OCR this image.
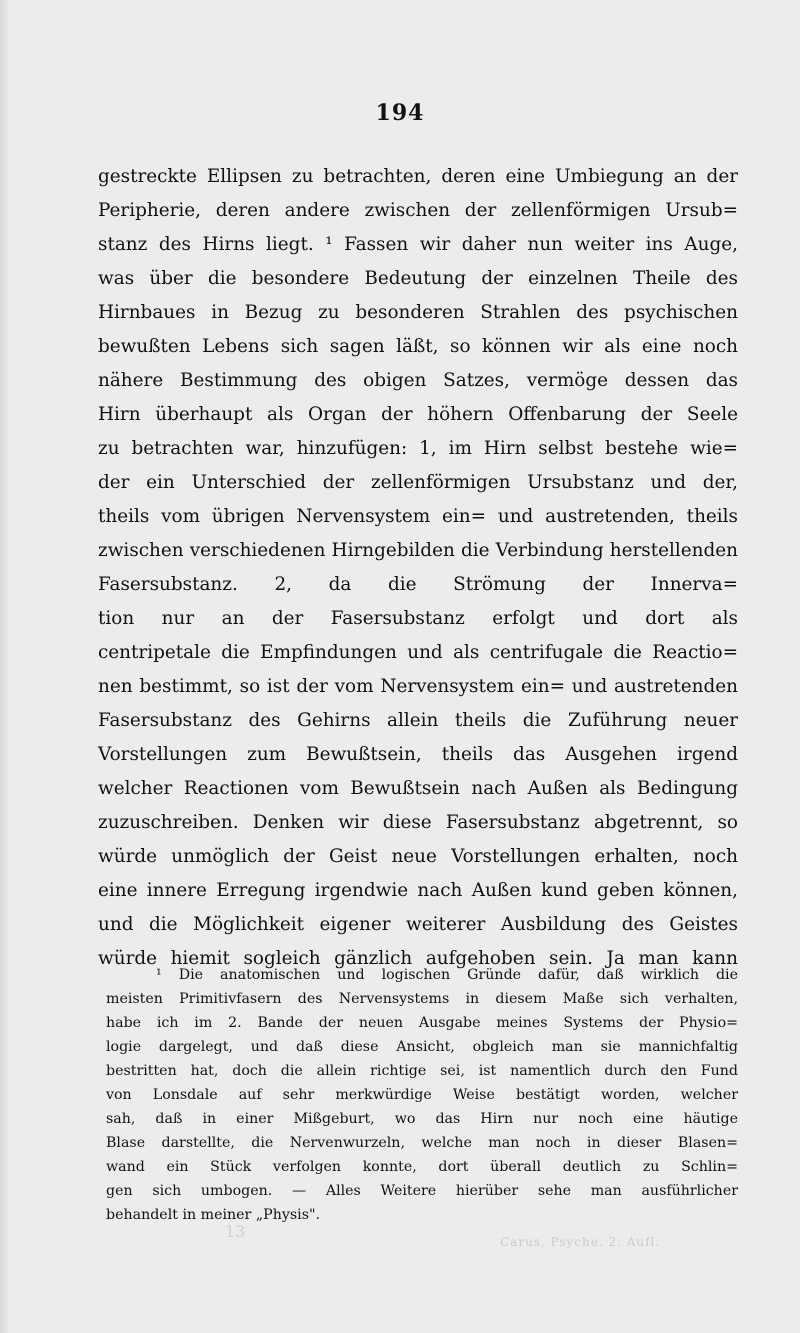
194
gestreckte Ellipsen zu betrachten, deren eine Umbiegung an der
Peripherie, deren andere zwischen der zellenförmigen Ursub=
stanz des Hirns liegt. ¹ Fassen wir daher nun weiter ins Auge,
was über die besondere Bedeutung der einzelnen Theile des
Hirnbaues in Bezug zu besonderen Strahlen des psychischen
bewußten Lebens sich sagen läßt, so können wir als eine noch
nähere Bestimmung des obigen Satzes, vermöge dessen das
Hirn überhaupt als Organ der höhern Offenbarung der Seele
zu betrachten war, hinzufügen: 1, im Hirn selbst bestehe wie=
der ein Unterschied der zellenförmigen Ursubstanz und der,
theils vom übrigen Nervensystem ein= und austretenden, theils
zwischen verschiedenen Hirngebilden die Verbindung herstellenden
Fasersubstanz. 2, da die Strömung der Innerva=
tion nur an der Fasersubstanz erfolgt und dort als
centripetale die Empfindungen und als centrifugale die Reactio=
nen bestimmt, so ist der vom Nervensystem ein= und austretenden
Fasersubstanz des Gehirns allein theils die Zuführung neuer
Vorstellungen zum Bewußtsein, theils das Ausgehen irgend
welcher Reactionen vom Bewußtsein nach Außen als Bedingung
zuzuschreiben. Denken wir diese Fasersubstanz abgetrennt, so
würde unmöglich der Geist neue Vorstellungen erhalten, noch
eine innere Erregung irgendwie nach Außen kund geben können,
und die Möglichkeit eigener weiterer Ausbildung des Geistes
würde hiemit sogleich gänzlich aufgehoben sein. Ja man kann
¹ Die anatomischen und logischen Gründe dafür, daß wirklich die
meisten Primitivfasern des Nervensystems in diesem Maße sich verhalten,
habe ich im 2. Bande der neuen Ausgabe meines Systems der Physio=
logie dargelegt, und daß diese Ansicht, obgleich man sie mannichfaltig
bestritten hat, doch die allein richtige sei, ist namentlich durch den Fund
von Lonsdale auf sehr merkwürdige Weise bestätigt worden, welcher
sah, daß in einer Mißgeburt, wo das Hirn nur noch eine häutige
Blase darstellte, die Nervenwurzeln, welche man noch in dieser Blasen=
wand ein Stück verfolgen konnte, dort überall deutlich zu Schlin=
gen sich umbogen. — Alles Weitere hierüber sehe man ausführlicher
behandelt in meiner „Physis".
13
Carus, Psyche. 2. Aufl.
